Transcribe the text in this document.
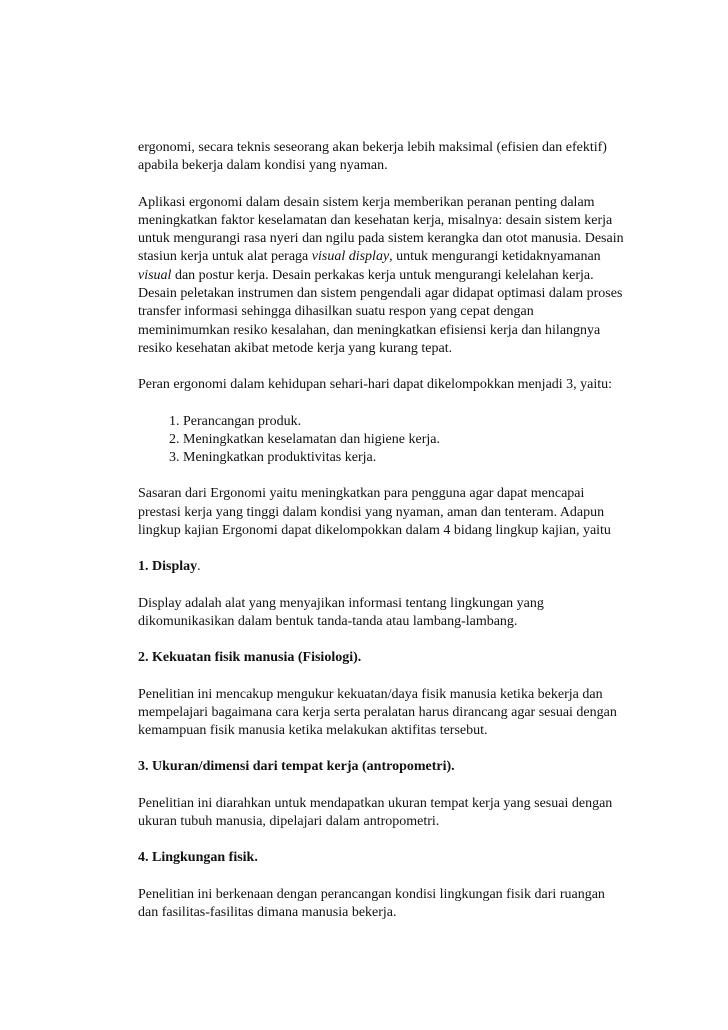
ergonomi, secara teknis seseorang akan bekerja lebih maksimal (efisien dan efektif) apabila bekerja dalam kondisi yang nyaman.

Aplikasi ergonomi dalam desain sistem kerja memberikan peranan penting dalam meningkatkan faktor keselamatan dan kesehatan kerja, misalnya: desain sistem kerja untuk mengurangi rasa nyeri dan ngilu pada sistem kerangka dan otot manusia. Desain stasiun kerja untuk alat peraga visual display, untuk mengurangi ketidaknyamanan visual dan postur kerja. Desain perkakas kerja untuk mengurangi kelelahan kerja. Desain peletakan instrumen dan sistem pengendali agar didapat optimasi dalam proses transfer informasi sehingga dihasilkan suatu respon yang cepat dengan meminimumkan resiko kesalahan, dan meningkatkan efisiensi kerja dan hilangnya resiko kesehatan akibat metode kerja yang kurang tepat.

Peran ergonomi dalam kehidupan sehari-hari dapat dikelompokkan menjadi 3, yaitu:

1. Perancangan produk.
2. Meningkatkan keselamatan dan higiene kerja.
3. Meningkatkan produktivitas kerja.

Sasaran dari Ergonomi yaitu meningkatkan para pengguna agar dapat mencapai prestasi kerja yang tinggi dalam kondisi yang nyaman, aman dan tenteram. Adapun lingkup kajian Ergonomi dapat dikelompokkan dalam 4 bidang lingkup kajian, yaitu

1. Display.

Display adalah alat yang menyajikan informasi tentang lingkungan yang dikomunikasikan dalam bentuk tanda-tanda atau lambang-lambang.

2. Kekuatan fisik manusia (Fisiologi).

Penelitian ini mencakup mengukur kekuatan/daya fisik manusia ketika bekerja dan mempelajari bagaimana cara kerja serta peralatan harus dirancang agar sesuai dengan kemampuan fisik manusia ketika melakukan aktifitas tersebut.

3. Ukuran/dimensi dari tempat kerja (antropometri).

Penelitian ini diarahkan untuk mendapatkan ukuran tempat kerja yang sesuai dengan ukuran tubuh manusia, dipelajari dalam antropometri.

4. Lingkungan fisik.

Penelitian ini berkenaan dengan perancangan kondisi lingkungan fisik dari ruangan dan fasilitas-fasilitas dimana manusia bekerja.
